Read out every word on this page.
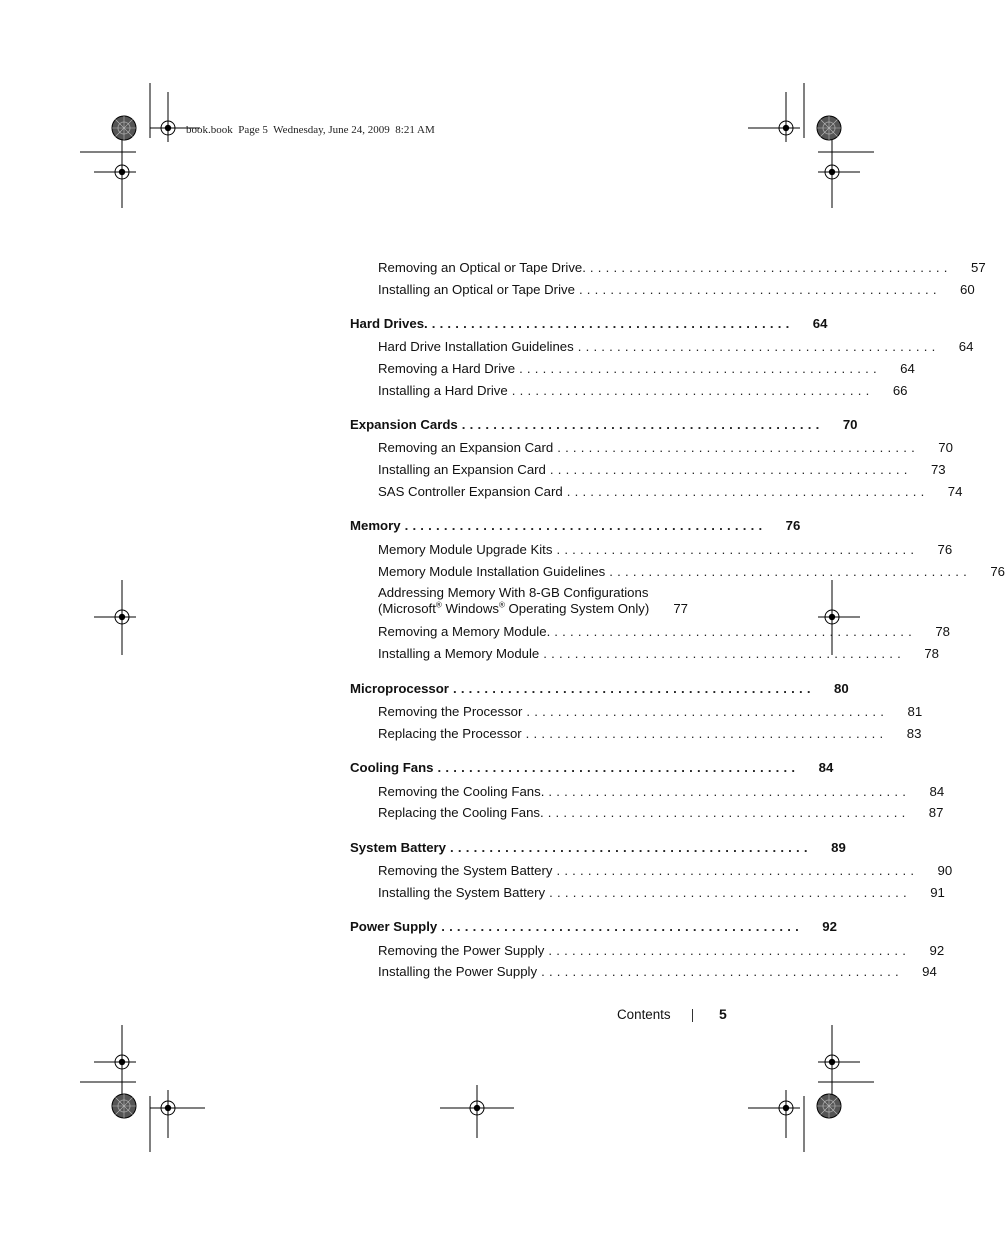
book.book  Page 5  Wednesday, June 24, 2009  8:21 AM
Removing an Optical or Tape Drive. ..............................................	57
Installing an Optical or Tape Drive ..............................................	60
Hard Drives. ..............................................	64
Hard Drive Installation Guidelines ..............................................	64
Removing a Hard Drive ..............................................	64
Installing a Hard Drive ..............................................	66
Expansion Cards ..............................................	70
Removing an Expansion Card ..............................................	70
Installing an Expansion Card ..............................................	73
SAS Controller Expansion Card ..............................................	74
Memory ..............................................	76
Memory Module Upgrade Kits ..............................................	76
Memory Module Installation Guidelines ..............................................	76
Addressing Memory With 8-GB Configurations
(Microsoft® Windows® Operating System Only)	77
Removing a Memory Module. ..............................................	78
Installing a Memory Module ..............................................	78
Microprocessor ..............................................	80
Removing the Processor ..............................................	81
Replacing the Processor ..............................................	83
Cooling Fans ..............................................	84
Removing the Cooling Fans. ..............................................	84
Replacing the Cooling Fans. ..............................................	87
System Battery ..............................................	89
Removing the System Battery ..............................................	90
Installing the System Battery ..............................................	91
Power Supply ..............................................	92
Removing the Power Supply ..............................................	92
Installing the Power Supply ..............................................	94
Contents	5
